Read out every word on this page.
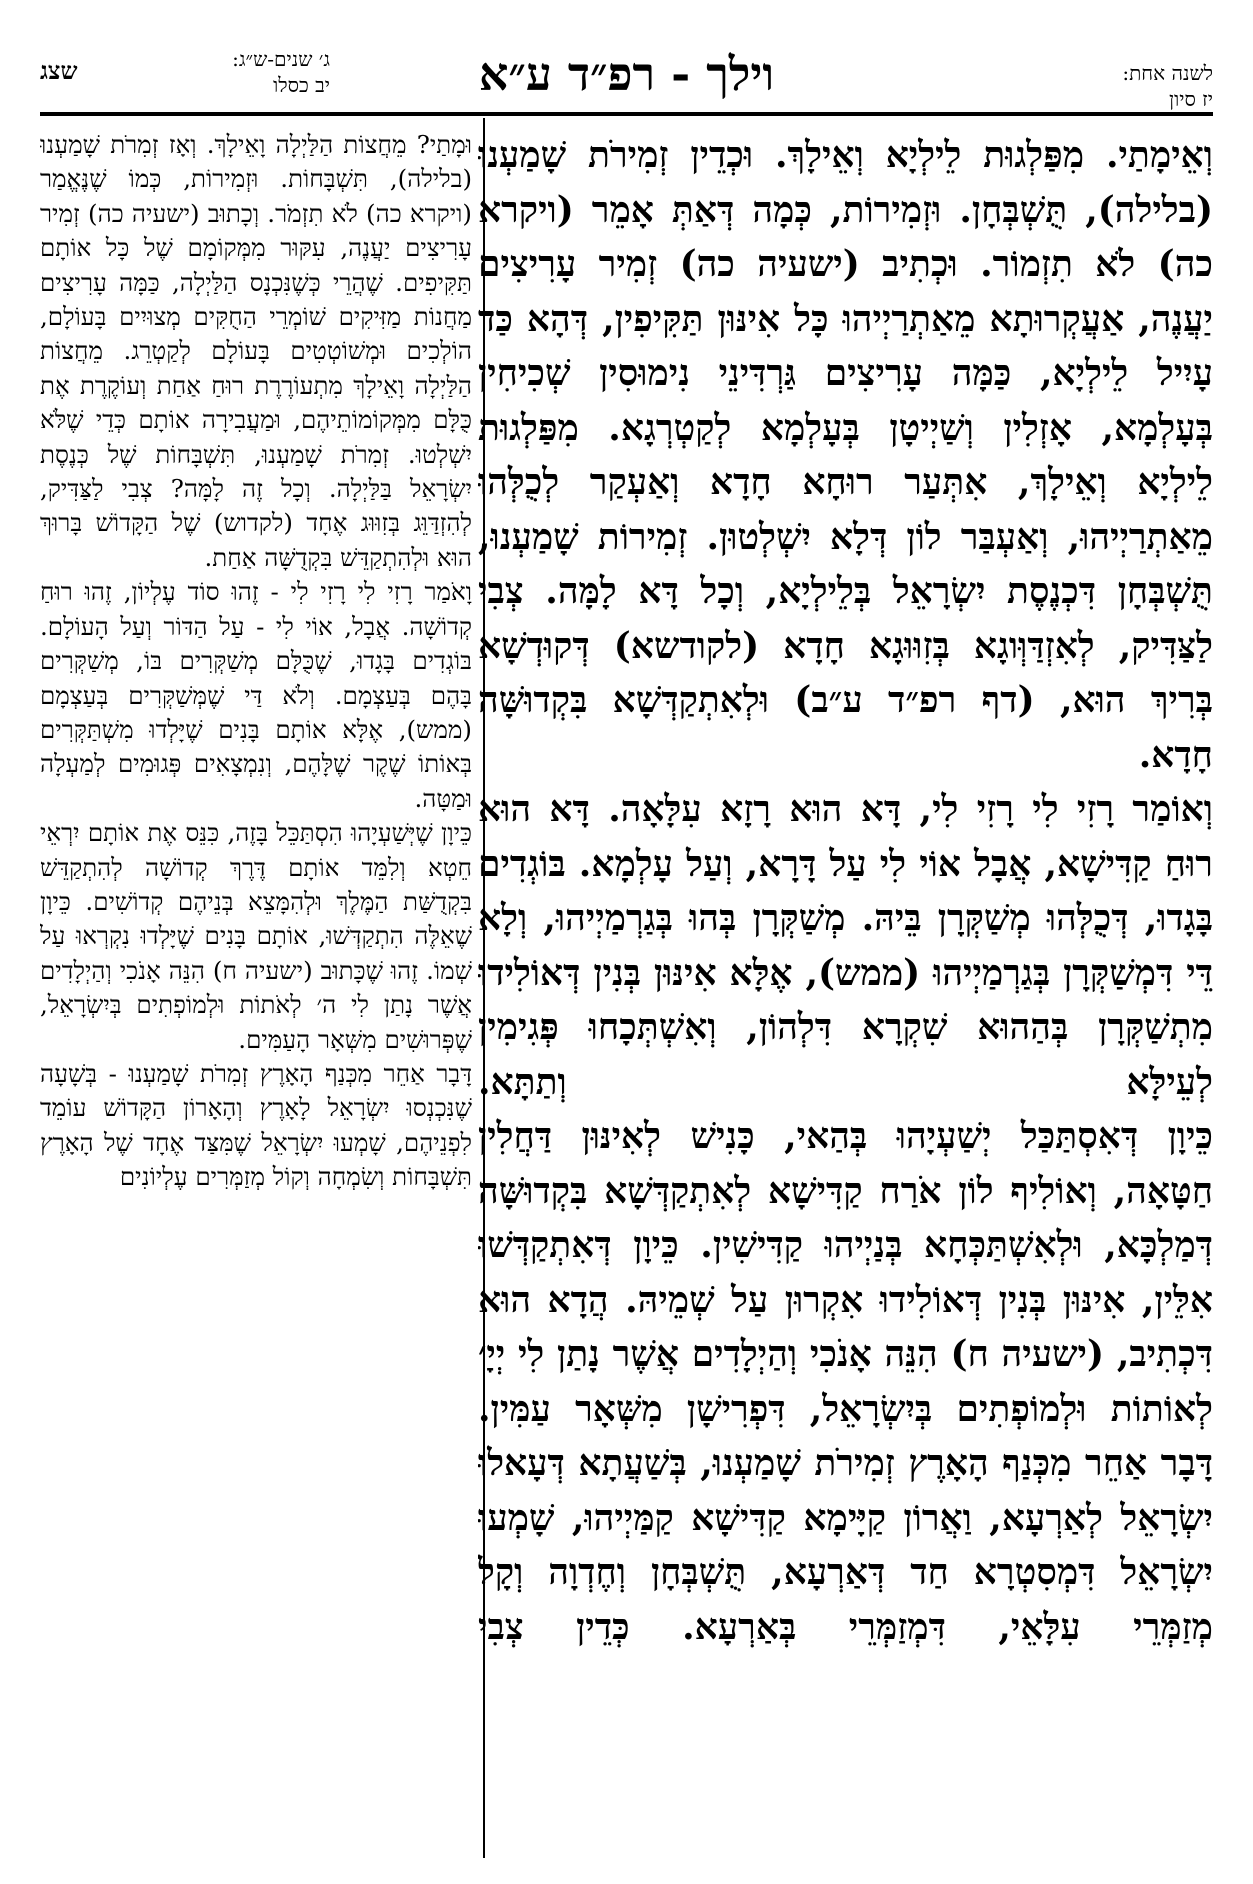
שצג	ג׳ שנים-ש״ג:
יב כסלו	וילך - רפ״ד ע״א	לשנה אחת:
יז סיון

וְאֵימָתַי. מִפַּלְגוּת לֵילְיָא וְאֵילָךְ. וּכְדֵין זְמִירֹת שָׁמַעְנוּ (בלילה), תֻּשְׁבְּחָן. וּזְמִירוֹת, כְּמָה דְּאַתְּ אָמֵר (ויקרא כה) לֹא תִזְמוֹר. וּכְתִיב (ישעיה כה) זְמִיר עָרִיצִים יַעֲנֶה, אַעֲקְרוּתָא מֵאַתְרַיְיהוּ כָּל אִינּוּן תַּקִּיפִין, דְּהָא כַּד עָיִיל לֵילְיָא, כַּמָּה עָרִיצִים גַּרְדִּינֵי נִימוּסִין שְׁכִיחִין בְּעָלְמָא, אָזְלִין וְשַׁיְיטָן בְּעָלְמָא לְקַטְרְגָא. מִפַּלְגוּת לֵילְיָא וְאֵילָךְ, אִתְּעַר רוּחָא חָדָא וְאַעְקַר לְכֻלְּהוּ מֵאַתְרַיְיהוּ, וְאַעְבַּר לוֹן דְּלָא יִשְׁלְטוּן. זְמִירוֹת שָׁמַעְנוּ, תֻּשְׁבְּחָן דִּכְנֶסֶת יִשְׂרָאֵל בְּלֵילְיָא, וְכָל דָּא לָמָּה. צְבִי לַצַּדִּיק, לְאִזְדַּוְּוגָא בְּזִוּוּגָא חָדָא (לקודשא) דְּקוּדְשָׁא בְּרִיךְ הוּא, (דף רפ״ד ע״ב) וּלְאִתְקַדְּשָׁא בִּקְדוּשָּׁה חָדָא.

וְאוֹמַר רָזִי לִי רָזִי לִי, דָּא הוּא רָזָא עִלָּאָה. דָּא הוּא רוּחַ קַדִּישָׁא, אֲבָל אוֹי לִי עַל דָּרָא, וְעַל עָלְמָא. בּוֹגְדִים בָּגָדוּ, דְּכֻלְּהוּ מְשַׁקְּרָן בֵּיהּ. מְשַׁקְּרָן בְּהוּ בְּגַרְמַיְיהוּ, וְלָא דֵּי דִּמְשַׁקְּרָן בְּגַרְמַיְיהוּ (ממש), אֶלָּא אִינּוּן בְּנִין דְּאוֹלִידוּ מִתְשַׁקְּרָן בְּהַהוּא שִׁקְרָא דִּלְהוֹן, וְאִשְׁתְּכָחוּ פְּגִימִין לְעֵילָּא וְתַתָּא.

כֵּיוָן דְּאִסְתַּכַּל יְשַׁעְיָהוּ בְּהַאי, כָּנִישׁ לְאִינּוּן דַּחֲלִין חַטָּאָה, וְאוֹלִיף לוֹן אֹרַח קַדִּישָׁא לְאִתְקַדְּשָׁא בִּקְדוּשָּׁה דְּמַלְכָּא, וּלְאִשְׁתַּכְּחָא בְּנַיְיהוּ קַדִּישִׁין. כֵּיוָן דְּאִתְקַדְּשׁוּ אִלֵּין, אִינּוּן בְּנִין דְּאוֹלִידוּ אִקְרוּן עַל שְׁמֵיהּ. הֲדָא הוּא דִּכְתִיב, (ישעיה ח) הִנֵּה אָנֹכִי וְהַיְלָדִים אֲשֶׁר נָתַן לִי יְיָ׳ לְאוֹתוֹת וּלְמוֹפְתִים בְּיִשְׂרָאֵל, דִּפְרִישָׁן מִשְּׁאָר עַמִּין.

דָּבָר אַחֵר מִכְּנַף הָאָרֶץ זְמִירֹת שָׁמַעְנוּ, בְּשַׁעֲתָא דְּעָאלוּ יִשְׂרָאֵל לְאַרְעָא, וַאֲרוֹן קַיָּימָא קַדִּישָׁא קַמַּיְיהוּ, שָׁמְעוּ יִשְׂרָאֵל דִּמְסִטְרָא חַד דְּאַרְעָא, תֻּשְׁבְּחָן וְחֶדְוָה וְקָל מְזַמְּרֵי עִלָּאֵי, דִּמְזַמְּרֵי בְּאַרְעָא. כְּדֵין צְבִי

וּמָתַי? מֵחֲצוֹת הַלַּיְלָה וָאֵילָךְ. וְאָז זְמִרֹת שָׁמַעְנוּ (בלילה), תִּשְׁבָּחוֹת. וּזְמִירוֹת, כְּמוֹ שֶׁנֶּאֱמַר (ויקרא כה) לֹא תִזְמֹר. וְכָתוּב (ישעיה כה) זְמִיר עָרִיצִים יַעֲנֶה, עִקּוּר מִמְּקוֹמָם שֶׁל כָּל אוֹתָם תַּקִּיפִים. שֶׁהֲרֵי כְּשֶׁנִּכְנָס הַלַּיְלָה, כַּמָּה עָרִיצִים מַחֲנוֹת מַזִּיקִים שׁוֹמְרֵי הַחֻקִּים מְצוּיִים בָּעוֹלָם, הוֹלְכִים וּמְשׁוֹטְטִים בָּעוֹלָם לְקַטְרֵג. מֵחֲצוֹת הַלַּיְלָה וָאֵילָךְ מִתְעוֹרֶרֶת רוּחַ אַחַת וְעוֹקֶרֶת אֶת כֻּלָּם מִמְּקוֹמוֹתֵיהֶם, וּמַעֲבִירָה אוֹתָם כְּדֵי שֶׁלֹּא יִשְׁלְטוּ. זְמִרֹת שָׁמַעְנוּ, תִּשְׁבָּחוֹת שֶׁל כְּנֶסֶת יִשְׂרָאֵל בַּלַּיְלָה. וְכָל זֶה לָמָּה? צְבִי לַצַּדִּיק, לְהִזְדַּוֵּג בְּזִוּוּג אֶחָד (לקדוש) שֶׁל הַקָּדוֹשׁ בָּרוּךְ הוּא וּלְהִתְקַדֵּשׁ בִּקְדֻשָּׁה אַחַת.

וָאֹמַר רָזִי לִי רָזִי לִי - זֶהוּ סוֹד עֶלְיוֹן, זֶהוּ רוּחַ קְדוֹשָׁה. אֲבָל, אוֹי לִי - עַל הַדּוֹר וְעַל הָעוֹלָם. בּוֹגְדִים בָּגָדוּ, שֶׁכֻּלָּם מְשַׁקְּרִים בּוֹ, מְשַׁקְּרִים בָּהֶם בְּעַצְמָם. וְלֹא דַּי שֶׁמְּשַׁקְּרִים בְּעַצְמָם (ממש), אֶלָּא אוֹתָם בָּנִים שֶׁיָּלְדוּ מִשְׁתַּקְּרִים בְּאוֹתוֹ שֶׁקֶר שֶׁלָּהֶם, וְנִמְצָאִים פְּגוּמִים לְמַעְלָה וּמַטָּה.

כֵּיוָן שֶׁיְּשַׁעְיָהוּ הִסְתַּכֵּל בָּזֶה, כִּנֵּס אֶת אוֹתָם יִרְאֵי חֵטְא וְלִמֵּד אוֹתָם דֶּרֶךְ קְדוֹשָׁה לְהִתְקַדֵּשׁ בִּקְדֻשַּׁת הַמֶּלֶךְ וּלְהִמָּצֵא בְּנֵיהֶם קְדוֹשִׁים. כֵּיוָן שֶׁאֵלֶּה הִתְקַדְּשׁוּ, אוֹתָם בָּנִים שֶׁיָּלְדוּ נִקְרְאוּ עַל שְׁמוֹ. זֶהוּ שֶׁכָּתוּב (ישעיה ח) הִנֵּה אָנֹכִי וְהַיְלָדִים אֲשֶׁר נָתַן לִי ה׳ לְאֹתוֹת וּלְמוֹפְתִים בְּיִשְׂרָאֵל, שֶׁפְּרוּשִׁים מִשְּׁאָר הָעַמִּים.

דָּבָר אַחֵר מִכְּנַף הָאָרֶץ זְמִרֹת שָׁמַעְנוּ - בְּשָׁעָה שֶׁנִּכְנְסוּ יִשְׂרָאֵל לָאָרֶץ וְהָאָרוֹן הַקָּדוֹשׁ עוֹמֵד לִפְנֵיהֶם, שָׁמְעוּ יִשְׂרָאֵל שֶׁמִּצַּד אֶחָד שֶׁל הָאָרֶץ תִּשְׁבָּחוֹת וְשִׂמְחָה וְקוֹל מְזַמְּרִים עֶלְיוֹנִים
